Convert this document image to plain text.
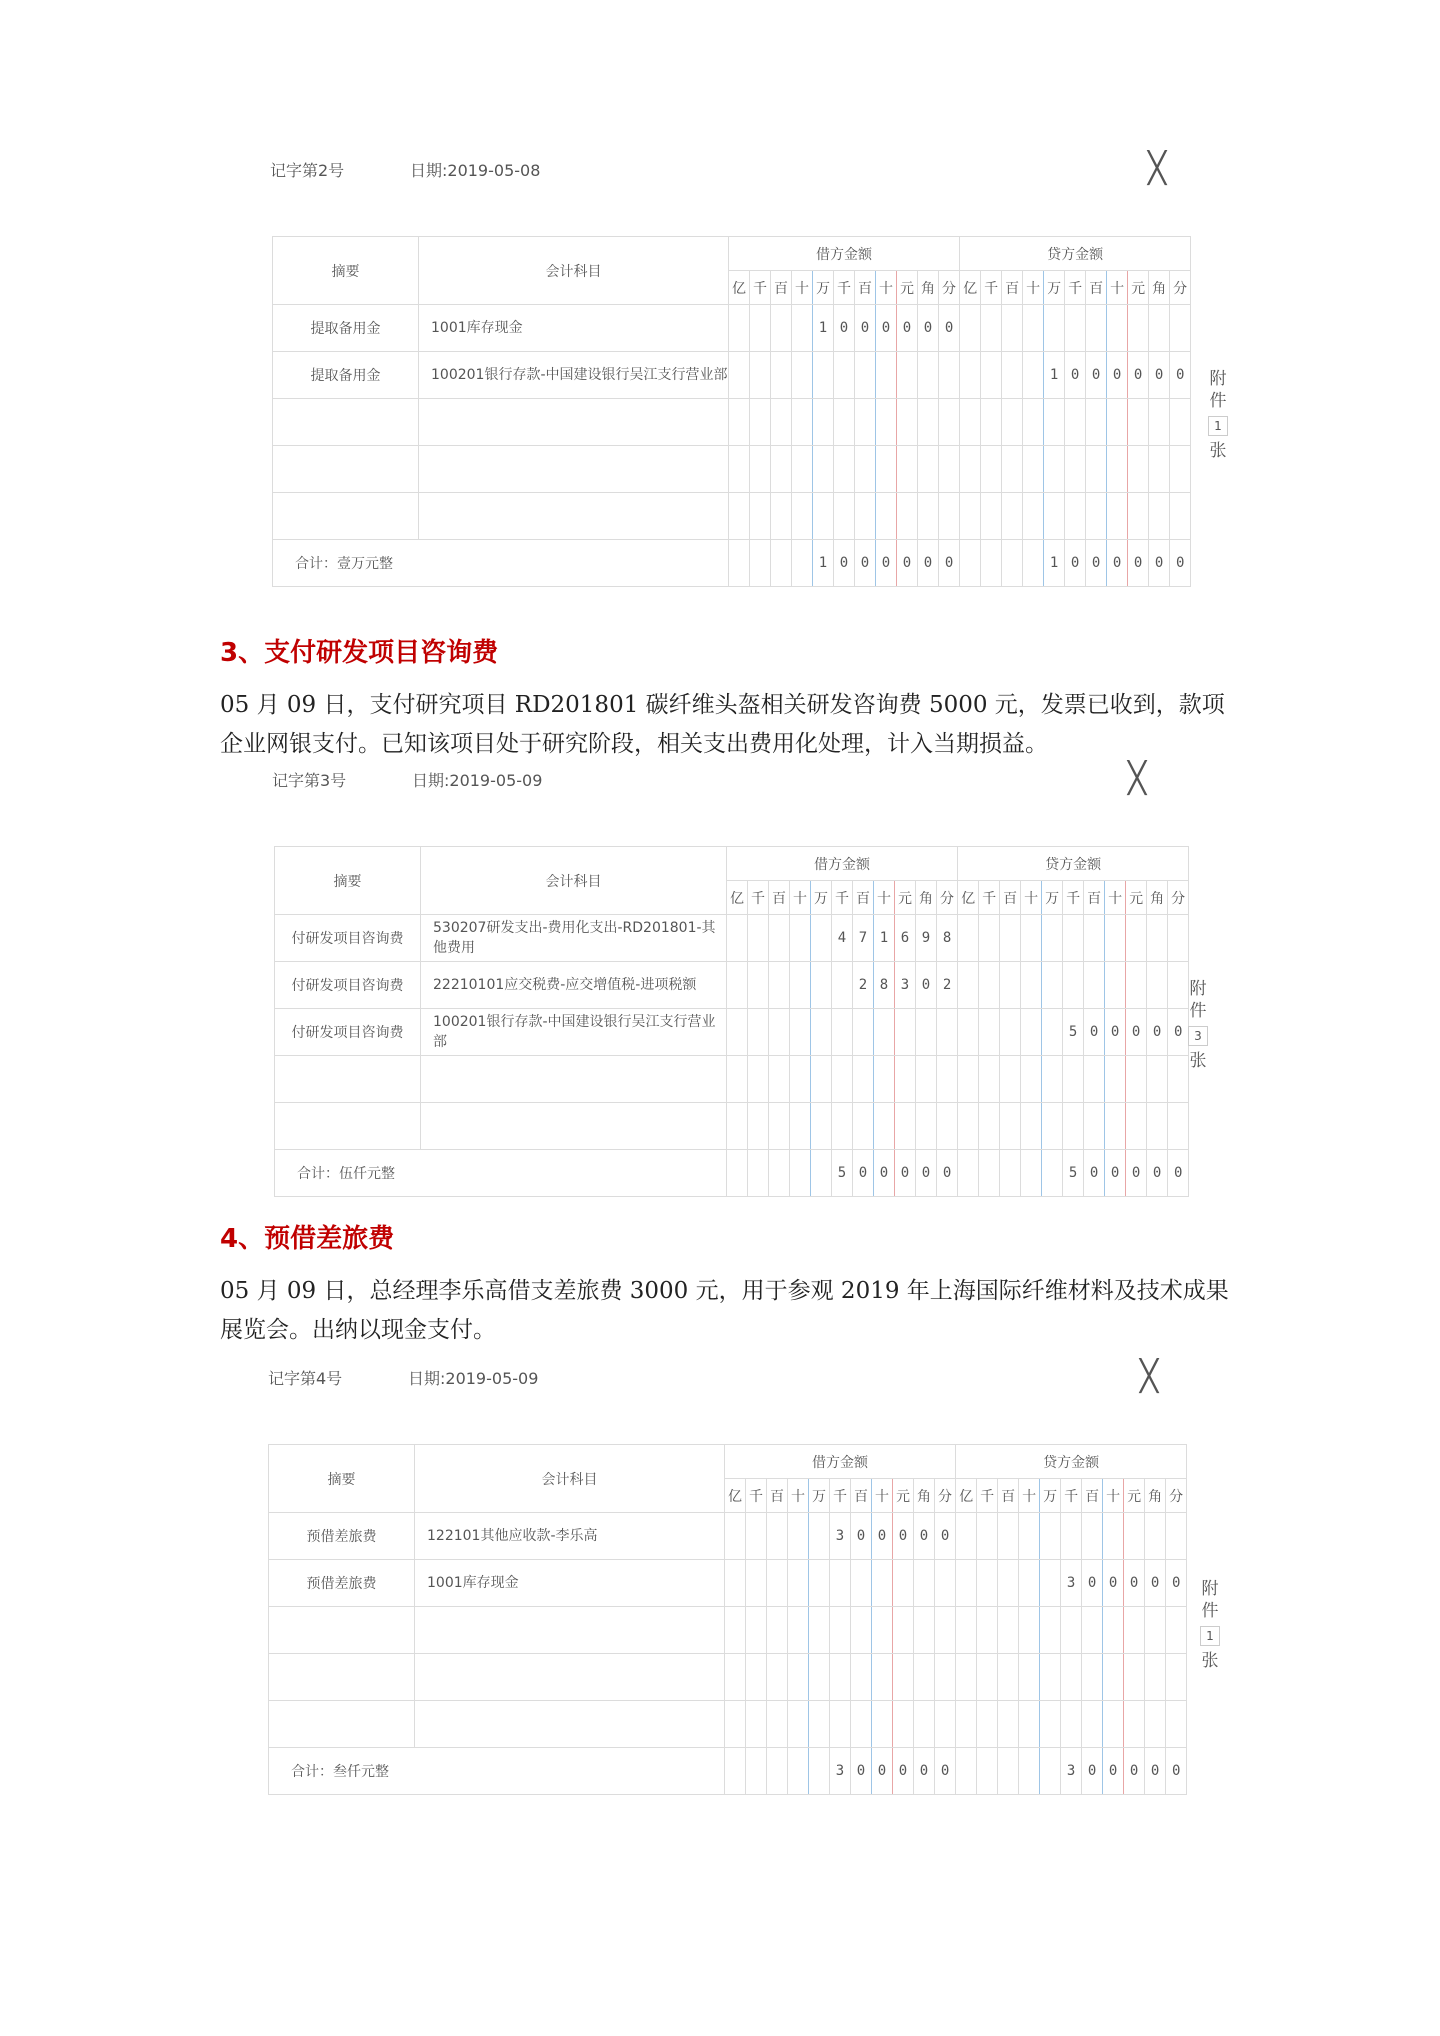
记字第2号	日期:2019-05-08	╳
摘要	会计科目	借方金额											贷方金额										
		亿	千	百	十	万	千	百	十	元	角	分	亿	千	百	十	万	千	百	十	元	角	分
提取备用金	1001库存现金					1	0	0	0	0	0	0											
提取备用金	100201银行存款-中国建设银行吴江支行营业部																1	0	0	0	0	0	0

合计：壹万元整						1	0	0	0	0	0	0					1	0	0	0	0	0	0
附
件
1
张
3、支付研发项目咨询费
05 月 09 日，支付研究项目 RD201801 碳纤维头盔相关研发咨询费 5000 元，发票已收到，款项企业网银支付。已知该项目处于研究阶段，相关支出费用化处理，计入当期损益。
记字第3号	日期:2019-05-09	╳
摘要	会计科目	借方金额											贷方金额										
		亿	千	百	十	万	千	百	十	元	角	分	亿	千	百	十	万	千	百	十	元	角	分
付研发项目咨询费	530207研发支出-费用化支出-RD201801-其他费用						4	7	1	6	9	8											
付研发项目咨询费	22210101应交税费-应交增值税-进项税额							2	8	3	0	2											
付研发项目咨询费	100201银行存款-中国建设银行吴江支行营业部																	5	0	0	0	0	0

合计：伍仟元整							5	0	0	0	0	0						5	0	0	0	0	0
附
件
3
张
4、预借差旅费
05 月 09 日，总经理李乐高借支差旅费 3000 元，用于参观 2019 年上海国际纤维材料及技术成果展览会。出纳以现金支付。
记字第4号	日期:2019-05-09	╳
摘要	会计科目	借方金额											贷方金额										
		亿	千	百	十	万	千	百	十	元	角	分	亿	千	百	十	万	千	百	十	元	角	分
预借差旅费	122101其他应收款-李乐高						3	0	0	0	0	0											
预借差旅费	1001库存现金																	3	0	0	0	0	0

合计：叁仟元整							3	0	0	0	0	0						3	0	0	0	0	0
附
件
1
张
